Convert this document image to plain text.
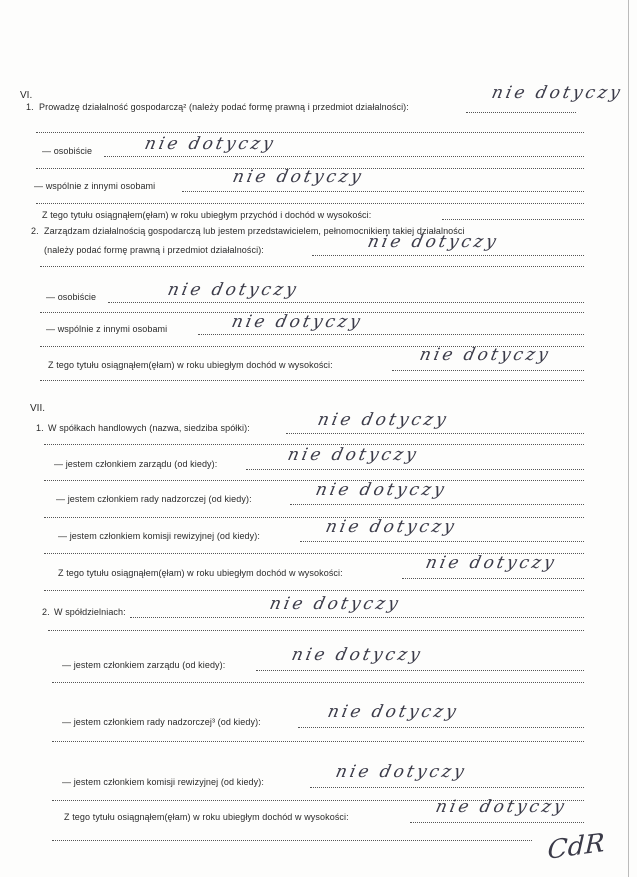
VI.
1. Prowadzę działalność gospodarczą² (należy podać formę prawną i przedmiot działalności):
nie dotyczy
— osobiście	nie dotyczy
— wspólnie z innymi osobami	nie dotyczy
Z tego tytułu osiągnąłem(ęłam) w roku ubiegłym przychód i dochód w wysokości:
2. Zarządzam działalnością gospodarczą lub jestem przedstawicielem, pełnomocnikiem takiej działalności
(należy podać formę prawną i przedmiot działalności):	nie dotyczy
— osobiście	nie dotyczy
— wspólnie z innymi osobami	nie dotyczy
Z tego tytułu osiągnąłem(ęłam) w roku ubiegłym dochód w wysokości:	nie dotyczy
VII.
1. W spółkach handlowych (nazwa, siedziba spółki):	nie dotyczy
— jestem członkiem zarządu (od kiedy):	nie dotyczy
— jestem członkiem rady nadzorczej (od kiedy):	nie dotyczy
— jestem członkiem komisji rewizyjnej (od kiedy):	nie dotyczy
Z tego tytułu osiągnąłem(ęłam) w roku ubiegłym dochód w wysokości:	nie dotyczy
2. W spółdzielniach:	nie dotyczy
— jestem członkiem zarządu (od kiedy):	nie dotyczy
— jestem członkiem rady nadzorczej³ (od kiedy):	nie dotyczy
— jestem członkiem komisji rewizyjnej (od kiedy):	nie dotyczy
Z tego tytułu osiągnąłem(ęłam) w roku ubiegłym dochód w wysokości:	nie dotyczy
CdR
